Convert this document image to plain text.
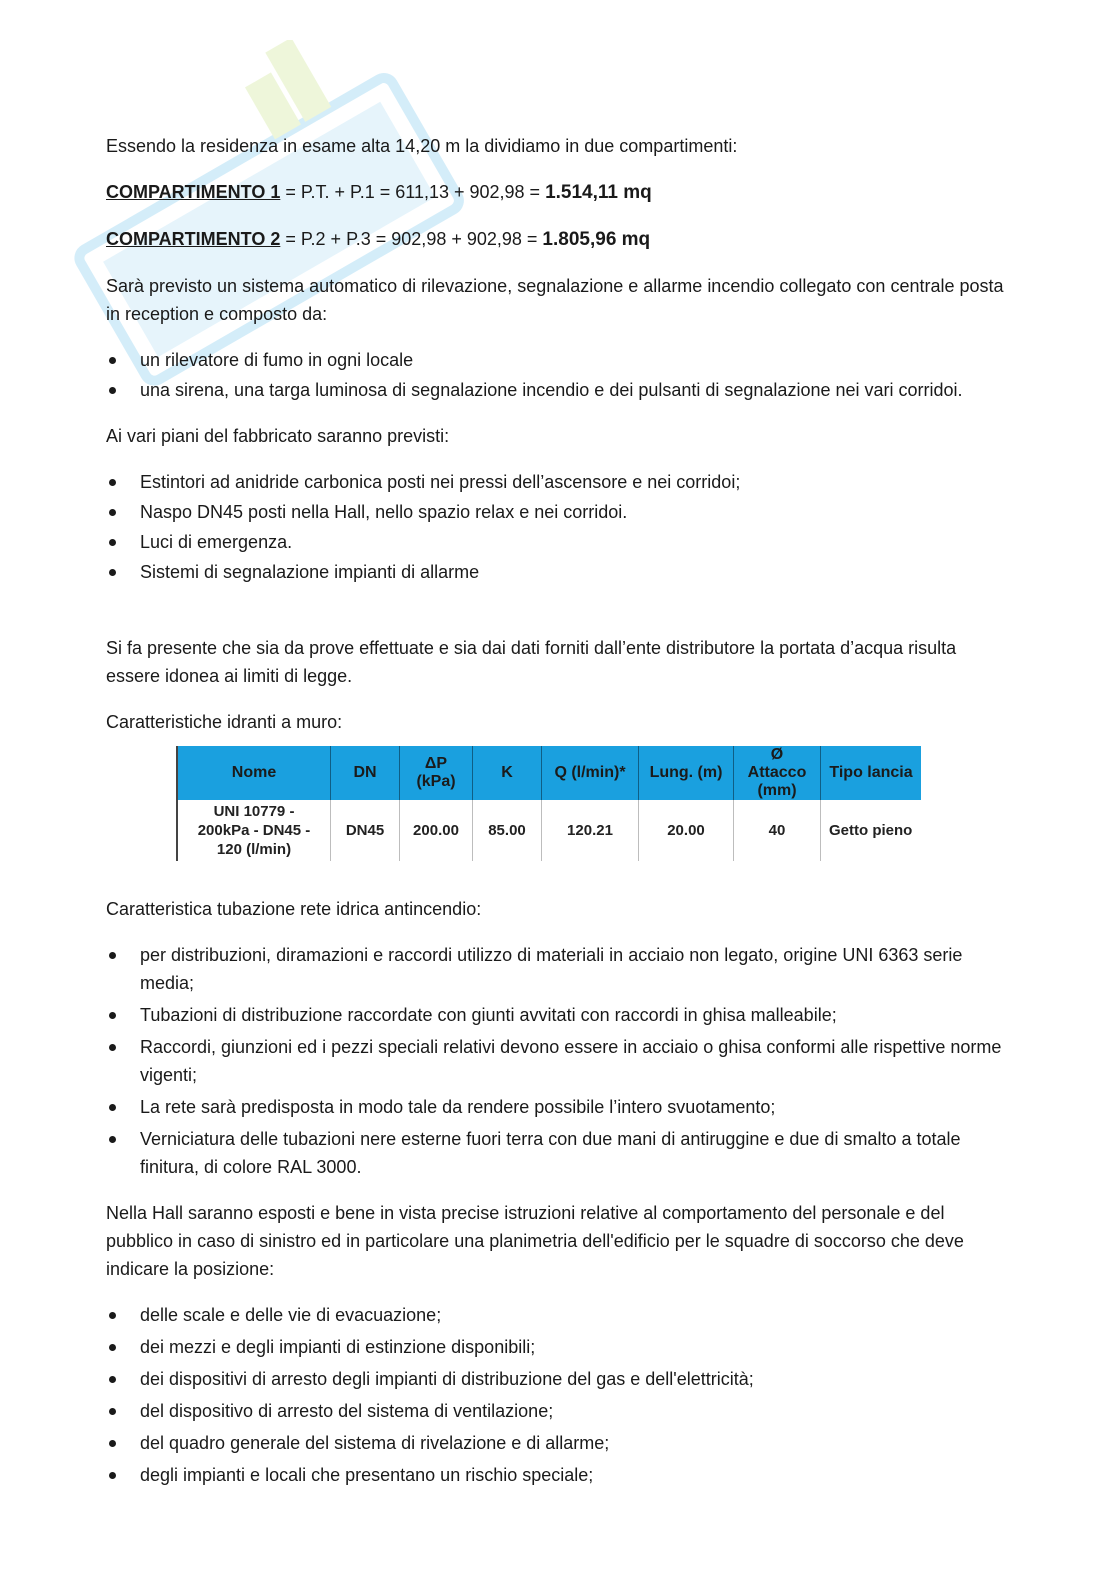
Essendo la residenza in esame alta 14,20 m la dividiamo in due compartimenti:

COMPARTIMENTO 1 = P.T. + P.1 = 611,13 + 902,98 = 1.514,11 mq

COMPARTIMENTO 2 = P.2 + P.3 = 902,98 + 902,98 = 1.805,96 mq

Sarà previsto un sistema automatico di rilevazione, segnalazione e allarme incendio collegato con centrale posta in reception e composto da:

un rilevatore di fumo in ogni locale
una sirena, una targa luminosa di segnalazione incendio e dei pulsanti di segnalazione nei vari corridoi.

Ai vari piani del fabbricato saranno previsti:

Estintori ad anidride carbonica posti nei pressi dell’ascensore e nei corridoi;
Naspo DN45 posti nella Hall, nello spazio relax e nei corridoi.
Luci di emergenza.
Sistemi di segnalazione impianti di allarme

Si fa presente che sia da prove effettuate e sia dai dati forniti dall’ente distributore la portata d’acqua risulta essere idonea ai limiti di legge.

Caratteristiche idranti a muro:

Nome	DN	ΔP (kPa)	K	Q (l/min)*	Lung. (m)	Ø Attacco (mm)	Tipo lancia
UNI 10779 - 200kPa - DN45 - 120 (l/min)	DN45	200.00	85.00	120.21	20.00	40	Getto pieno

Caratteristica tubazione rete idrica antincendio:

per distribuzioni, diramazioni e raccordi utilizzo di materiali in acciaio non legato, origine UNI 6363 serie media;
Tubazioni di distribuzione raccordate con giunti avvitati con raccordi in ghisa malleabile;
Raccordi, giunzioni ed i pezzi speciali relativi devono essere in acciaio o ghisa conformi alle rispettive norme vigenti;
La rete sarà predisposta in modo tale da rendere possibile l’intero svuotamento;
Verniciatura delle tubazioni nere esterne fuori terra con due mani di antiruggine e due di smalto a totale finitura, di colore RAL 3000.

Nella Hall saranno esposti e bene in vista precise istruzioni relative al comportamento del personale e del pubblico in caso di sinistro ed in particolare una planimetria dell'edificio per le squadre di soccorso che deve indicare la posizione:

delle scale e delle vie di evacuazione;
dei mezzi e degli impianti di estinzione disponibili;
dei dispositivi di arresto degli impianti di distribuzione del gas e dell'elettricità;
del dispositivo di arresto del sistema di ventilazione;
del quadro generale del sistema di rivelazione e di allarme;
degli impianti e locali che presentano un rischio speciale;
